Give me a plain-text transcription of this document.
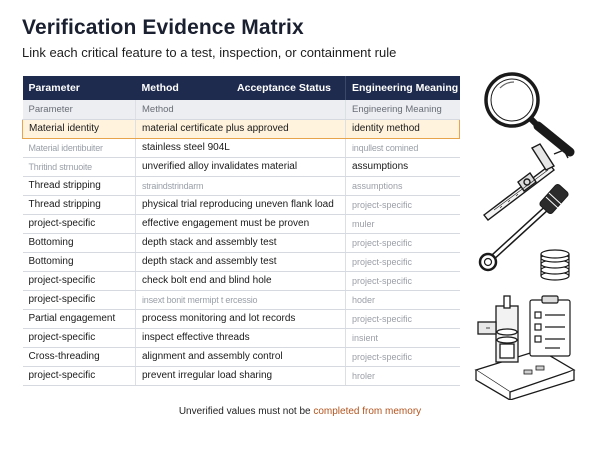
Verification Evidence Matrix
Link each critical feature to a test, inspection, or containment rule
Parameter	Method Acceptance Status	Engineering Meaning
Parameter	Method	Engineering Meaning
Material identity	material certificate plus approved	identity method
Material identibuiter	stainless steel 904L	inqullest comined
Thritind strnuoite	unverified alloy invalidates material	assumptions
Thread stripping	straindstrindarm	assumptions
Thread stripping	physical trial reproducing uneven flank load	project-specific
project-specific	effective engagement must be proven	muler
Bottoming	depth stack and assembly test	project-specific
Bottoming	depth stack and assembly test	project-specific
project-specific	check bolt end and blind hole	project-specific
project-specific	insext bonit mermipt t ercessio	hoder
Partial engagement	process monitoring and lot records	project-specific
project-specific	inspect effective threads	insient
Cross-threading	alignment and assembly control	project-specific
project-specific	prevent irregular load sharing	hroler
Unverified values must not be completed from memory
